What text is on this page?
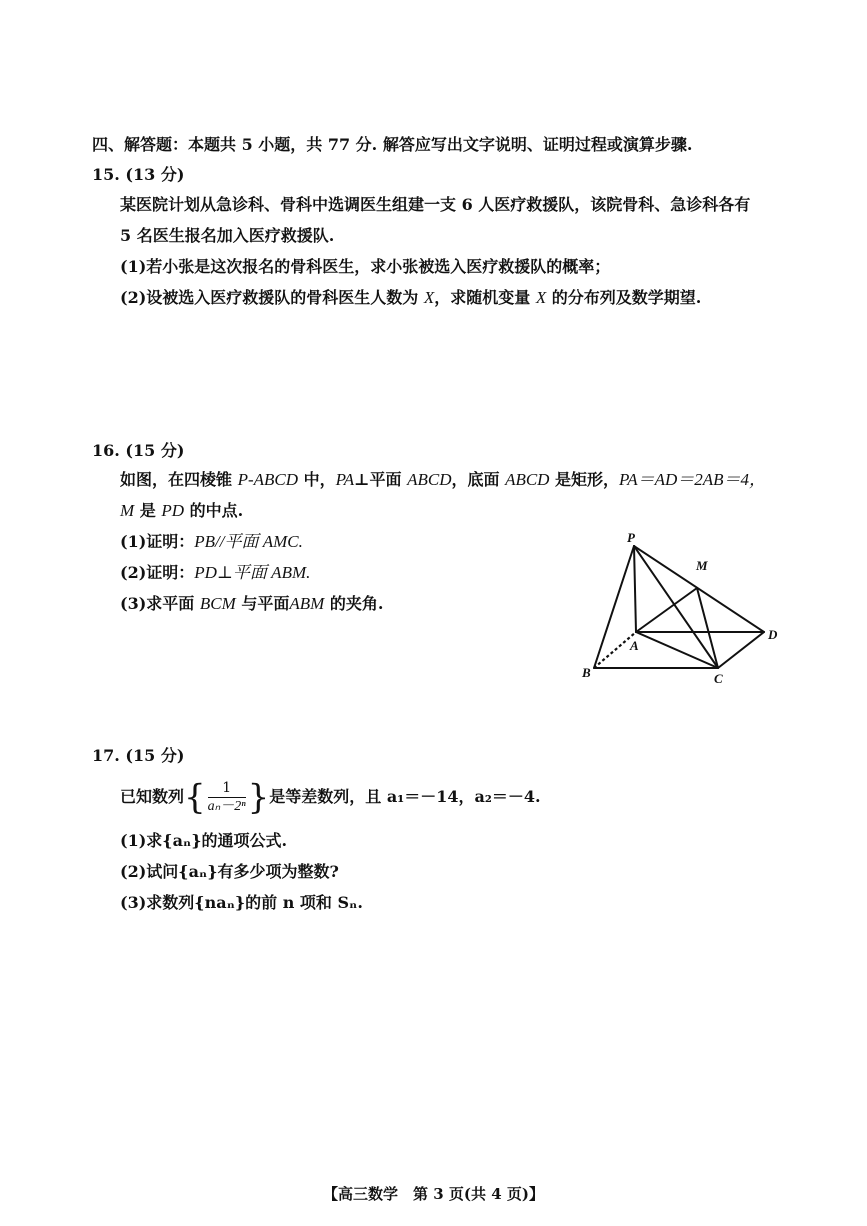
四、解答题：本题共 5 小题，共 77 分. 解答应写出文字说明、证明过程或演算步骤.
15. (13 分)
某医院计划从急诊科、骨科中选调医生组建一支 6 人医疗救援队，该院骨科、急诊科各有
5 名医生报名加入医疗救援队.
(1)若小张是这次报名的骨科医生，求小张被选入医疗救援队的概率；
(2)设被选入医疗救援队的骨科医生人数为 X，求随机变量 X 的分布列及数学期望.
16. (15 分)
如图，在四棱锥 P-ABCD 中，PA⊥平面 ABCD，底面 ABCD 是矩形，PA＝AD＝2AB＝4，
M 是 PD 的中点.
(1)证明：PB//平面 AMC.
(2)证明：PD⊥平面 ABM.
(3)求平面 BCM 与平面ABM 的夹角.
P
M
A
B	C
D
17. (15 分)
已知数列{ $\frac{1}{\text{aₙ－2ⁿ}}$ }是等差数列，且 a₁＝－14，a₂＝－4.
(1)求{aₙ}的通项公式.
(2)试问{aₙ}有多少项为整数?
(3)求数列{naₙ}的前 n 项和 Sₙ.
【高三数学　第 3 页(共 4 页)】
